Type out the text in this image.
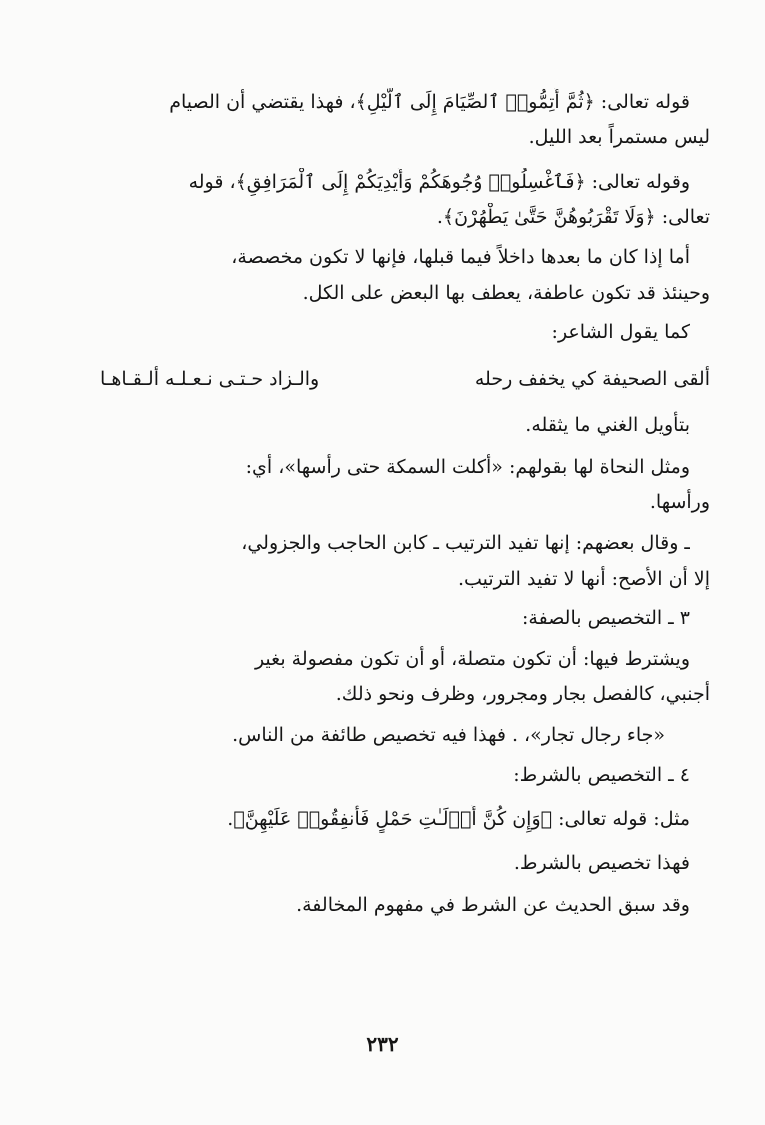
قوله تعالى: ﴿ثُمَّ أَتِمُّوا۟ ٱلصِّيَامَ إِلَى ٱلَّيْلِ﴾، فهذا يقتضي أن الصيام
ليس مستمراً بعد الليل.
وقوله تعالى: ﴿فَٱغْسِلُوا۟ وُجُوهَكُمْ وَأَيْدِيَكُمْ إِلَى ٱلْمَرَافِقِ﴾، قوله
تعالى: ﴿وَلَا تَقْرَبُوهُنَّ حَتَّىٰ يَطْهُرْنَ﴾.
أما إذا كان ما بعدها داخلاً فيما قبلها، فإنها لا تكون مخصصة،
وحينئذ قد تكون عاطفة، يعطف بها البعض على الكل.
كما يقول الشاعر:
ألقى الصحيفة كي يخفف رحله
والـزاد حـتـى نـعـلـه ألـقـاهـا
بتأويل الغني ما يثقله.
ومثل النحاة لها بقولهم: «أكلت السمكة حتى رأسها»، أي:
ورأسها.
ـ وقال بعضهم: إنها تفيد الترتيب ـ كابن الحاجب والجزولي،
إلا أن الأصح: أنها لا تفيد الترتيب.
٣ ـ التخصيص بالصفة:
ويشترط فيها: أن تكون متصلة، أو أن تكون مفصولة بغير
أجنبي، كالفصل بجار ومجرور، وظرف ونحو ذلك.
«جاء رجال تجار»، . فهذا فيه تخصيص طائفة من الناس.
٤ ـ التخصيص بالشرط:
مثل: قوله تعالى: ﴿وَإِن كُنَّ أُو۟لَـٰتِ حَمْلٍ فَأَنفِقُوا۟ عَلَيْهِنَّ﴾.
فهذا تخصيص بالشرط.
وقد سبق الحديث عن الشرط في مفهوم المخالفة.
٢٣٢
